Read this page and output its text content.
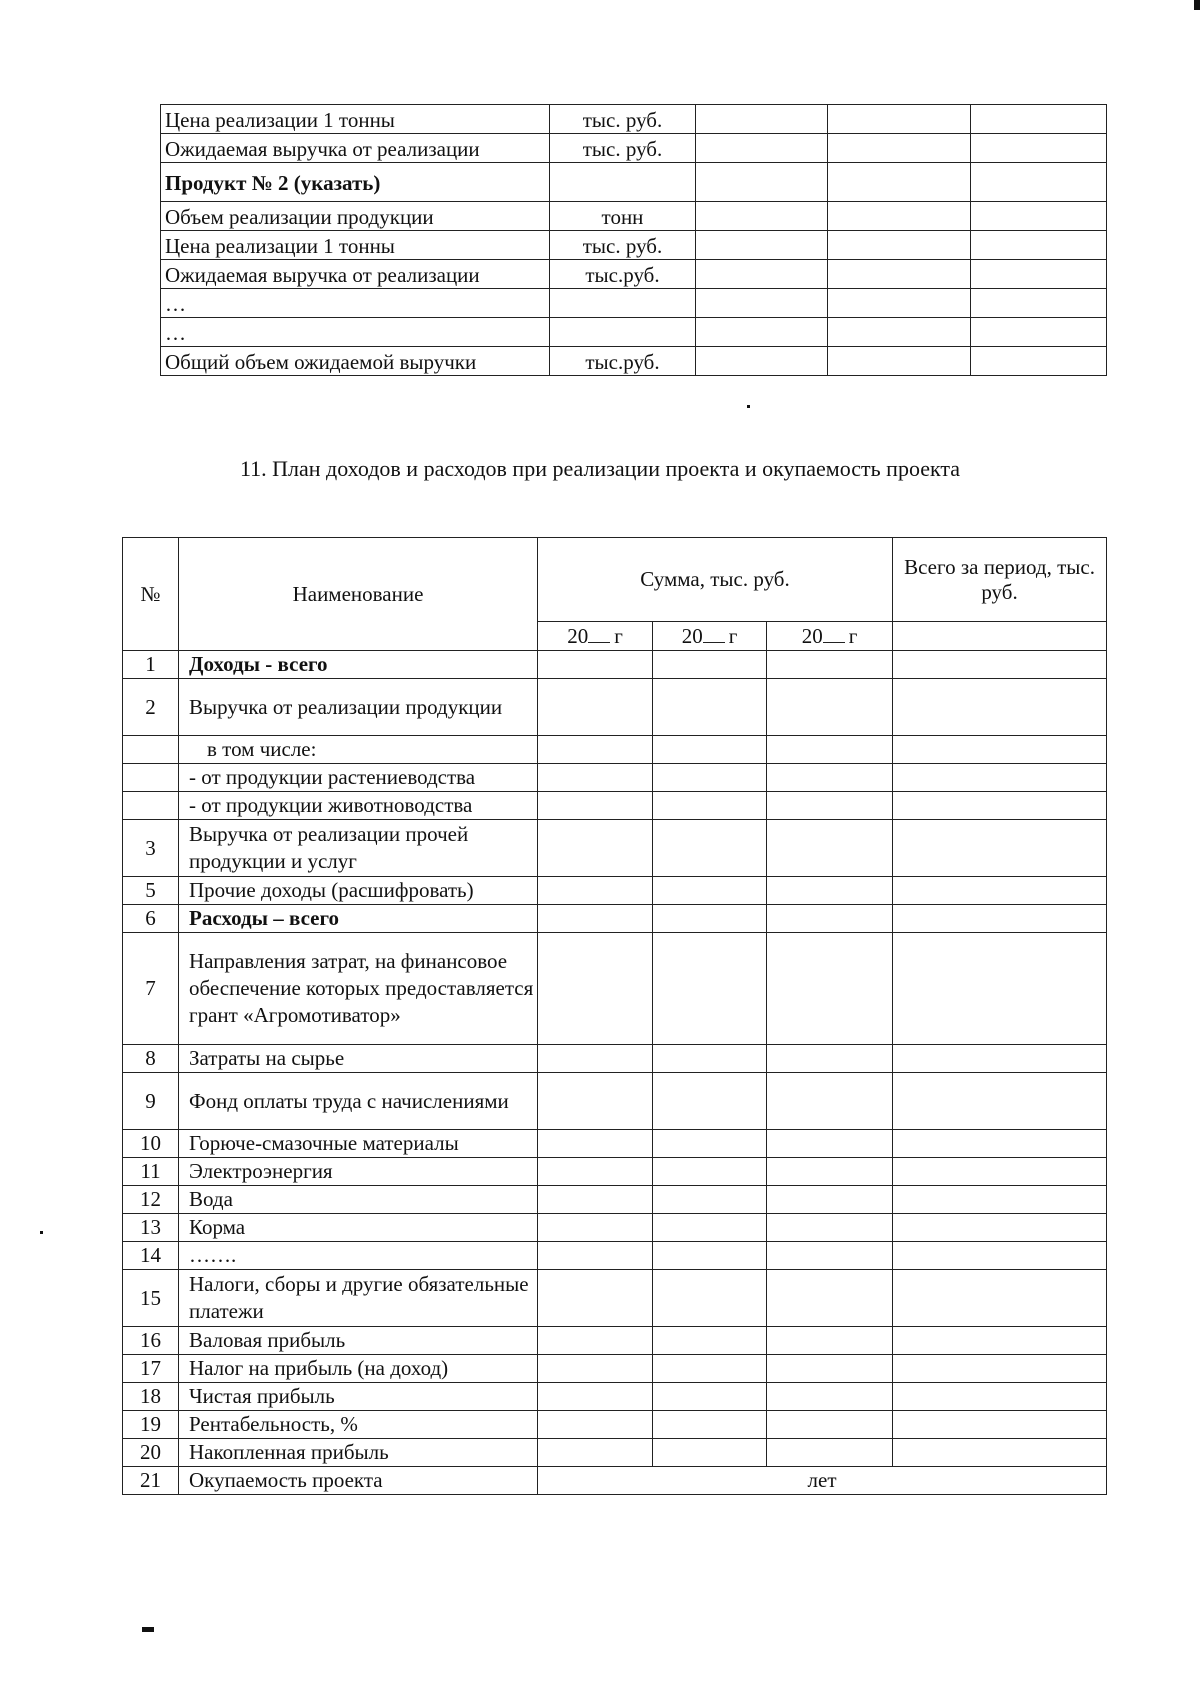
Цена реализации 1 тонны	тыс. руб.			
Ожидаемая выручка от реализации	тыс. руб.			
Продукт № 2 (указать)				
Объем реализации продукции	тонн			
Цена реализации 1 тонны	тыс. руб.			
Ожидаемая выручка от реализации	тыс.руб.			
…				
…				
Общий объем ожидаемой выручки	тыс.руб.			
11. План доходов и расходов при реализации проекта и окупаемость проекта
№	Наименование	Сумма, тыс. руб.			Всего за период, тыс. руб.
		20 г	20 г	20 г	
1	Доходы - всего				
2	Выручка от реализации продукции				
	в том числе:				
	- от продукции растениеводства				
	- от продукции животноводства				
3	Выручка от реализации прочей продукции и услуг				
5	Прочие доходы (расшифровать)				
6	Расходы – всего				
7	Направления затрат, на финансовое обеспечение которых предоставляется грант «Агромотиватор»				
8	Затраты на сырье				
9	Фонд оплаты труда с начислениями				
10	Горюче-смазочные материалы				
11	Электроэнергия				
12	Вода				
13	Корма				
14	…….				
15	Налоги, сборы и другие обязательные платежи				
16	Валовая прибыль				
17	Налог на прибыль (на доход)				
18	Чистая прибыль				
19	Рентабельность, %				
20	Накопленная прибыль				
21	Окупаемость проекта	лет			
